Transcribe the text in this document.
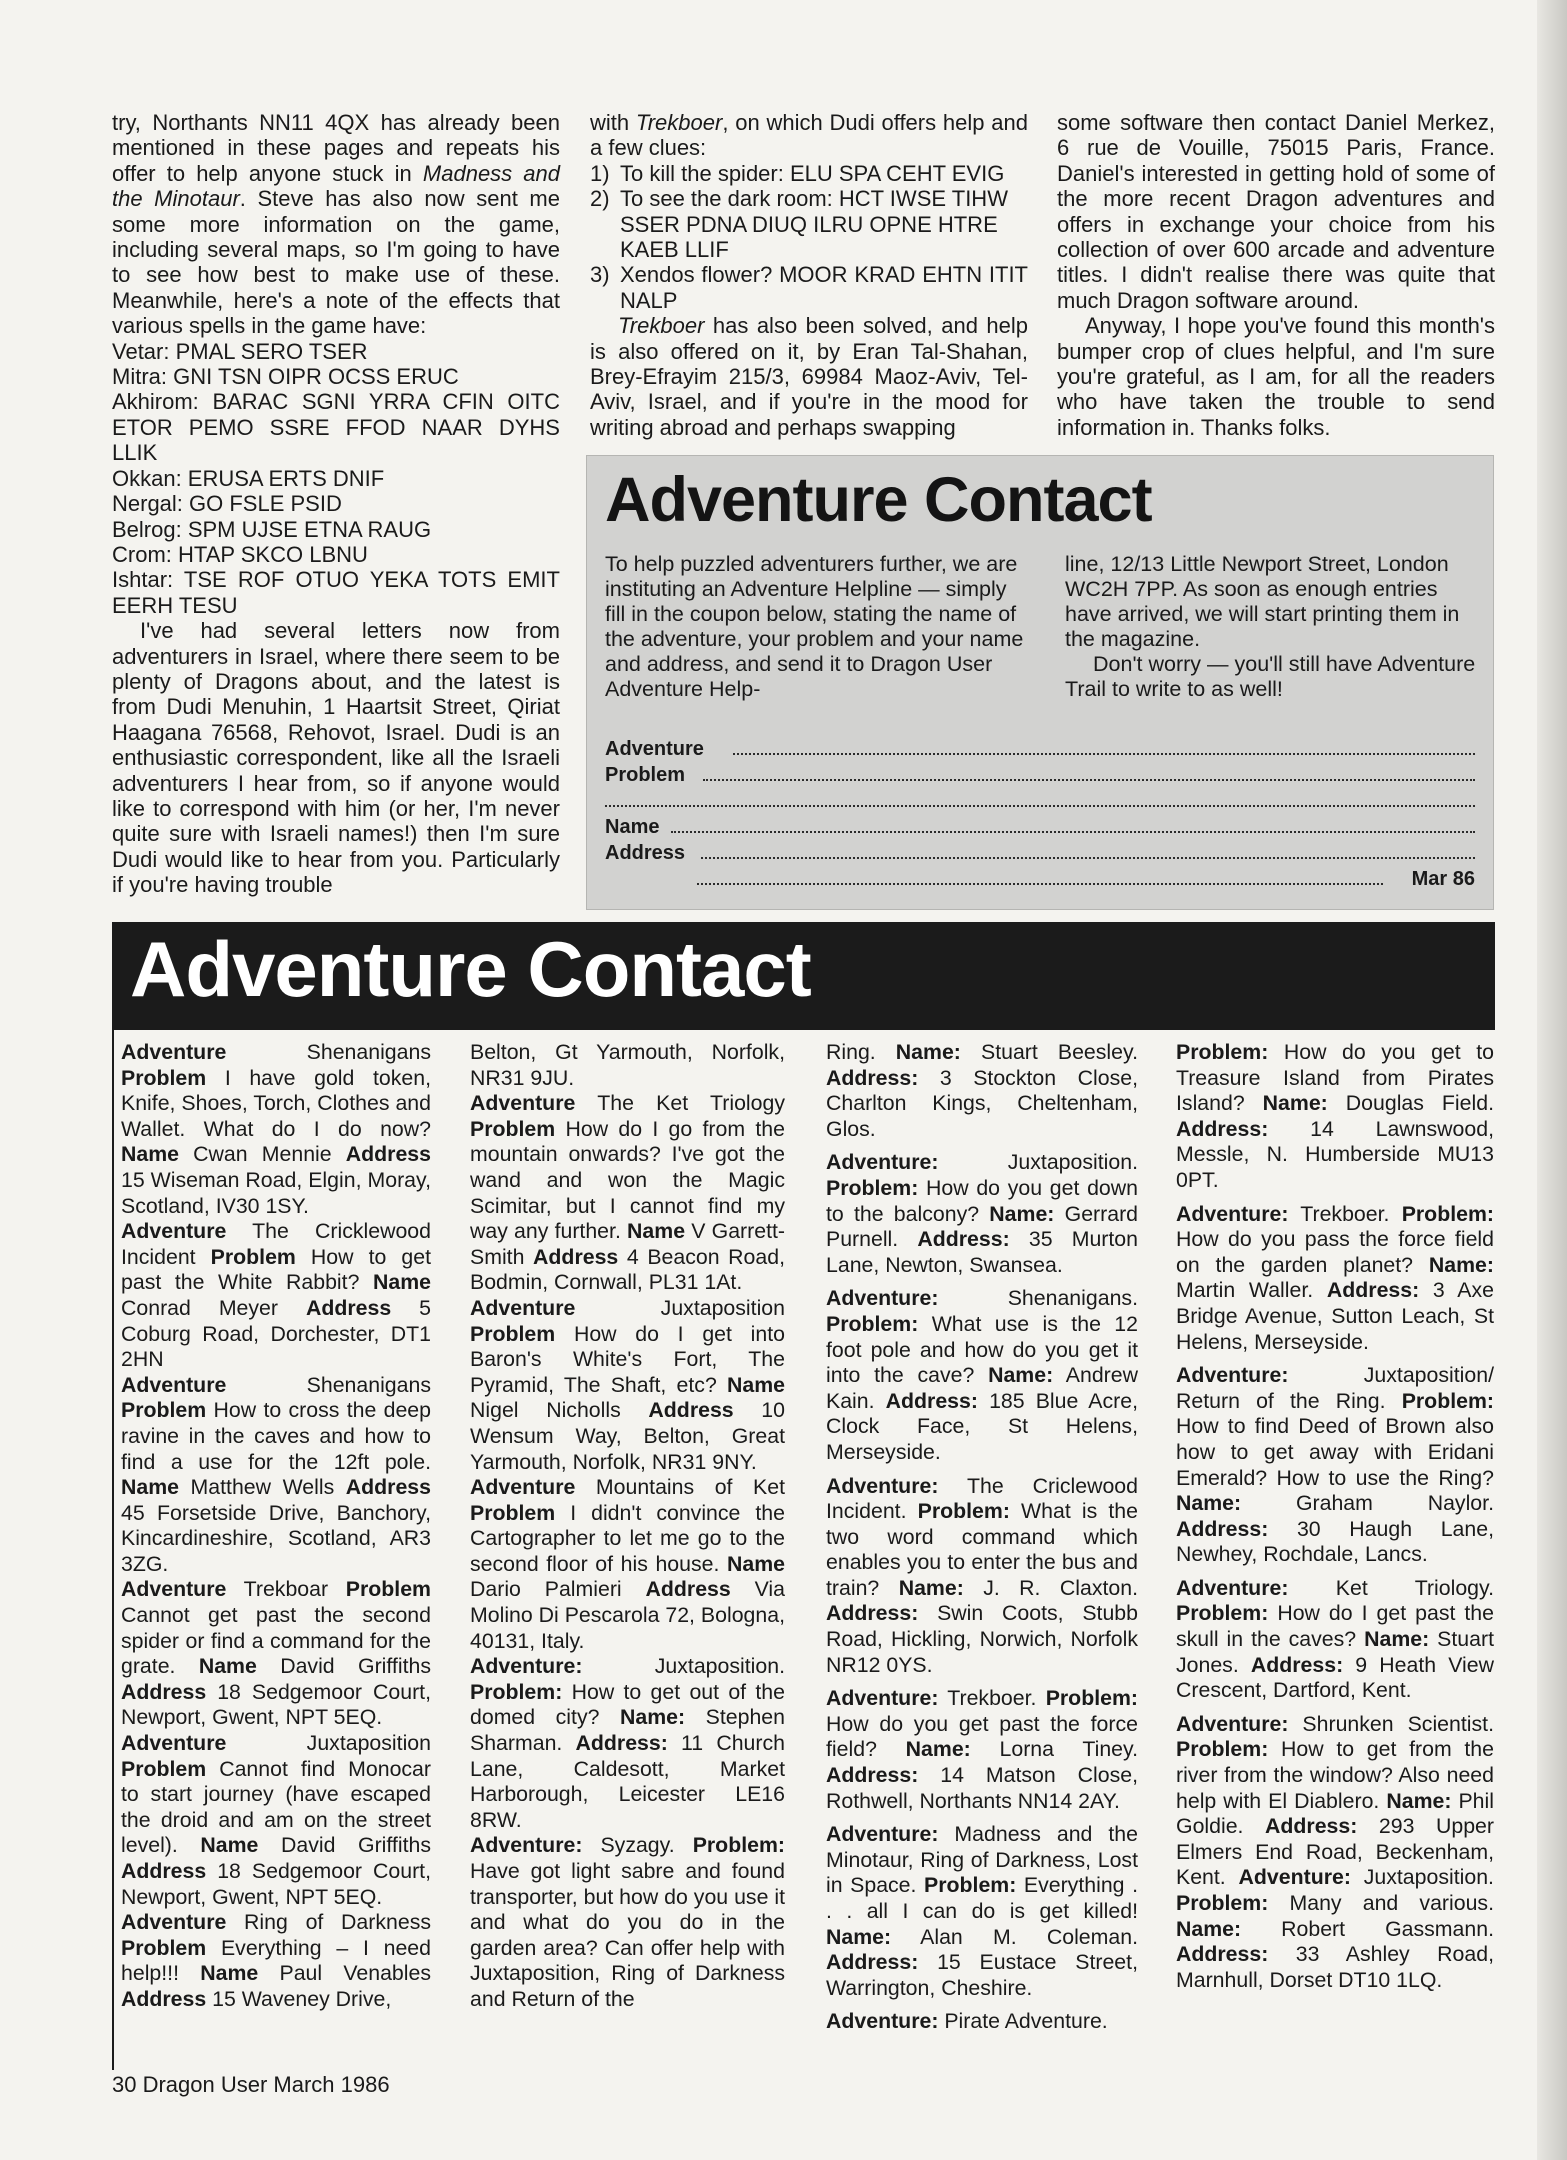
try, Northants NN11 4QX has already been mentioned in these pages and repeats his offer to help anyone stuck in Madness and the Minotaur. Steve has also now sent me some more information on the game, including several maps, so I'm going to have to see how best to make use of these. Meanwhile, here's a note of the effects that various spells in the game have:

Vetar: PMAL SERO TSER

Mitra: GNI TSN OIPR OCSS ERUC

Akhirom: BARAC SGNI YRRA CFIN OITC ETOR PEMO SSRE FFOD NAAR DYHS LLIK

Okkan: ERUSA ERTS DNIF

Nergal: GO FSLE PSID

Belrog: SPM UJSE ETNA RAUG

Crom: HTAP SKCO LBNU

Ishtar: TSE ROF OTUO YEKA TOTS EMIT EERH TESU

I've had several letters now from adventurers in Israel, where there seem to be plenty of Dragons about, and the latest is from Dudi Menuhin, 1 Haartsit Street, Qiriat Haagana 76568, Rehovot, Israel. Dudi is an enthusiastic correspondent, like all the Israeli adventurers I hear from, so if anyone would like to correspond with him (or her, I'm never quite sure with Israeli names!) then I'm sure Dudi would like to hear from you. Particularly if you're having trouble

with Trekboer, on which Dudi offers help and a few clues:

1) To kill the spider: ELU SPA CEHT EVIG
2) To see the dark room: HCT IWSE TIHW SSER PDNA DIUQ ILRU OPNE HTRE KAEB LLIF
3) Xendos flower? MOOR KRAD EHTN ITIT NALP

Trekboer has also been solved, and help is also offered on it, by Eran Tal-Shahan, Brey-Efrayim 215/3, 69984 Maoz-Aviv, Tel-Aviv, Israel, and if you're in the mood for writing abroad and perhaps swapping

some software then contact Daniel Merkez, 6 rue de Vouille, 75015 Paris, France. Daniel's interested in getting hold of some of the more recent Dragon adventures and offers in exchange your choice from his collection of over 600 arcade and adventure titles. I didn't realise there was quite that much Dragon software around.

Anyway, I hope you've found this month's bumper crop of clues helpful, and I'm sure you're grateful, as I am, for all the readers who have taken the trouble to send information in. Thanks folks.

Adventure Contact
To help puzzled adventurers further, we are instituting an Adventure Helpline — simply fill in the coupon below, stating the name of the adventure, your problem and your name and address, and send it to Dragon User Adventure Help-
line, 12/13 Little Newport Street, London WC2H 7PP. As soon as enough entries have arrived, we will start printing them in the magazine.
Don't worry — you'll still have Adventure Trail to write to as well!
Adventure
Problem
Name
Address
Mar 86
Adventure Contact

Adventure Shenanigans Problem I have gold token, Knife, Shoes, Torch, Clothes and Wallet. What do I do now? Name Cwan Mennie Address 15 Wiseman Road, Elgin, Moray, Scotland, IV30 1SY.

Adventure The Cricklewood Incident Problem How to get past the White Rabbit? Name Conrad Meyer Address 5 Coburg Road, Dorchester, DT1 2HN

Adventure Shenanigans Problem How to cross the deep ravine in the caves and how to find a use for the 12ft pole. Name Matthew Wells Address 45 Forsetside Drive, Banchory, Kincardineshire, Scotland, AR3 3ZG.

Adventure Trekboar Problem Cannot get past the second spider or find a command for the grate. Name David Griffiths Address 18 Sedgemoor Court, Newport, Gwent, NPT 5EQ.

Adventure Juxtaposition Problem Cannot find Monocar to start journey (have escaped the droid and am on the street level). Name David Griffiths Address 18 Sedgemoor Court, Newport, Gwent, NPT 5EQ.

Adventure Ring of Darkness Problem Everything – I need help!!! Name Paul Venables Address 15 Waveney Drive,

Belton, Gt Yarmouth, Norfolk, NR31 9JU.

Adventure The Ket Triology Problem How do I go from the mountain onwards? I've got the wand and won the Magic Scimitar, but I cannot find my way any further. Name V Garrett-Smith Address 4 Beacon Road, Bodmin, Cornwall, PL31 1At.

Adventure Juxtaposition Problem How do I get into Baron's White's Fort, The Pyramid, The Shaft, etc? Name Nigel Nicholls Address 10 Wensum Way, Belton, Great Yarmouth, Norfolk, NR31 9NY.

Adventure Mountains of Ket Problem I didn't convince the Cartographer to let me go to the second floor of his house. Name Dario Palmieri Address Via Molino Di Pescarola 72, Bologna, 40131, Italy.

Adventure: Juxtaposition. Problem: How to get out of the domed city? Name: Stephen Sharman. Address: 11 Church Lane, Caldesott, Market Harborough, Leicester LE16 8RW.

Adventure: Syzagy. Problem: Have got light sabre and found transporter, but how do you use it and what do you do in the garden area? Can offer help with Juxtaposition, Ring of Darkness and Return of the

Ring. Name: Stuart Beesley. Address: 3 Stockton Close, Charlton Kings, Cheltenham, Glos.

Adventure: Juxtaposition. Problem: How do you get down to the balcony? Name: Gerrard Purnell. Address: 35 Murton Lane, Newton, Swansea.

Adventure: Shenanigans. Problem: What use is the 12 foot pole and how do you get it into the cave? Name: Andrew Kain. Address: 185 Blue Acre, Clock Face, St Helens, Merseyside.

Adventure: The Criclewood Incident. Problem: What is the two word command which enables you to enter the bus and train? Name: J. R. Claxton. Address: Swin Coots, Stubb Road, Hickling, Norwich, Norfolk NR12 0YS.

Adventure: Trekboer. Problem: How do you get past the force field? Name: Lorna Tiney. Address: 14 Matson Close, Rothwell, Northants NN14 2AY.

Adventure: Madness and the Minotaur, Ring of Darkness, Lost in Space. Problem: Everything . . . all I can do is get killed! Name: Alan M. Coleman. Address: 15 Eustace Street, Warrington, Cheshire.

Adventure: Pirate Adventure.

Problem: How do you get to Treasure Island from Pirates Island? Name: Douglas Field. Address: 14 Lawnswood, Messle, N. Humberside MU13 0PT.

Adventure: Trekboer. Problem: How do you pass the force field on the garden planet? Name: Martin Waller. Address: 3 Axe Bridge Avenue, Sutton Leach, St Helens, Merseyside.

Adventure: Juxtaposition/ Return of the Ring. Problem: How to find Deed of Brown also how to get away with Eridani Emerald? How to use the Ring? Name: Graham Naylor. Address: 30 Haugh Lane, Newhey, Rochdale, Lancs.

Adventure: Ket Triology. Problem: How do I get past the skull in the caves? Name: Stuart Jones. Address: 9 Heath View Crescent, Dartford, Kent.

Adventure: Shrunken Scientist. Problem: How to get from the river from the window? Also need help with El Diablero. Name: Phil Goldie. Address: 293 Upper Elmers End Road, Beckenham, Kent. Adventure: Juxtaposition. Problem: Many and various. Name: Robert Gassmann. Address: 33 Ashley Road, Marnhull, Dorset DT10 1LQ.

30 Dragon User March 1986
